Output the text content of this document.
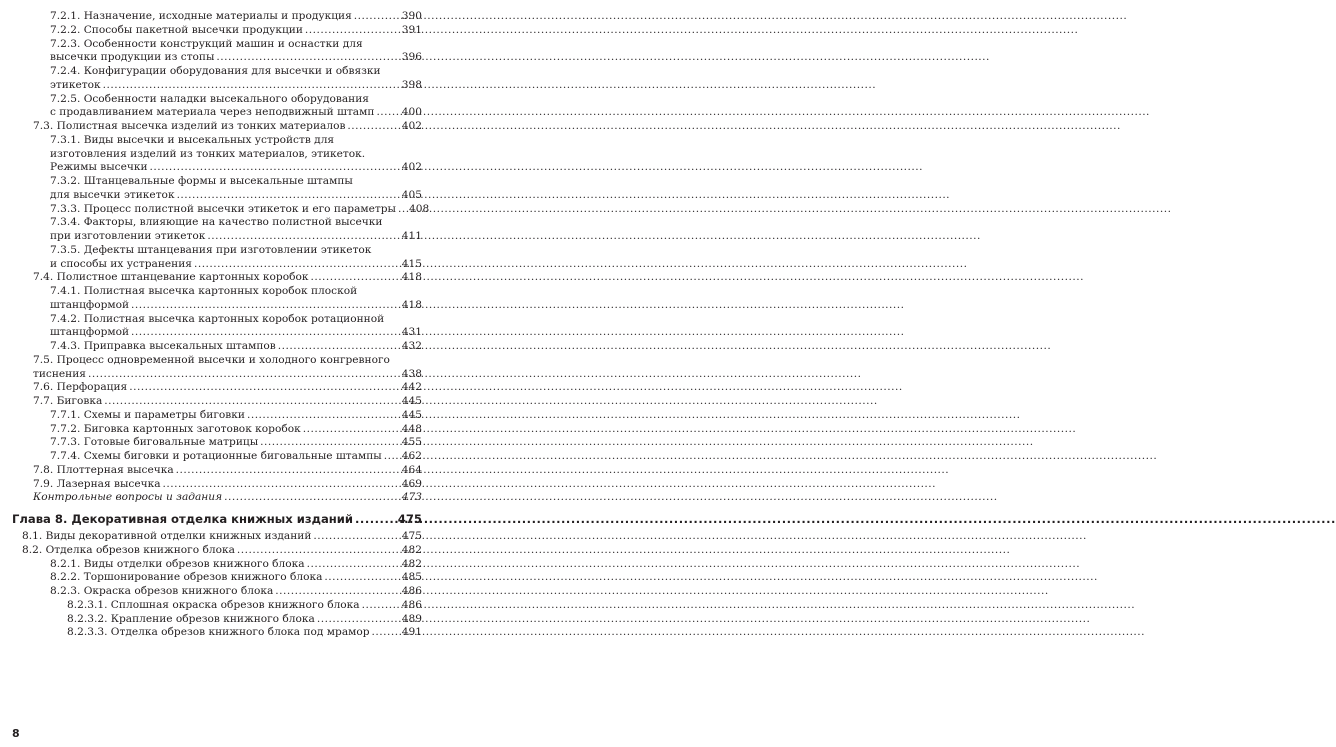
7.2.1. Назначение, исходные материалы и продукция .....	390
7.2.2. Способы пакетной высечки продукции .....	391
7.2.3. Особенности конструкций машин и оснастки для
высечки продукции из стопы .....	396
7.2.4. Конфигурации оборудования для высечки и обвязки
этикеток .....	398
7.2.5. Особенности наладки высекального оборудования
с продавливанием материала через неподвижный штамп .....	400
7.3. Полистная высечка изделий из тонких материалов .....	402
7.3.1. Виды высечки и высекальных устройств для
изготовления изделий из тонких материалов, этикеток.
Режимы высечки .....	402
7.3.2. Штанцевальные формы и высекальные штампы
для высечки этикеток .....	405
7.3.3. Процесс полистной высечки этикеток и его параметры ..... 408
7.3.4. Факторы, влияющие на качество полистной высечки
при изготовлении этикеток .....	411
7.3.5. Дефекты штанцевания при изготовлении этикеток
и способы их устранения .....	415
7.4. Полистное штанцевание картонных коробок .....	418
7.4.1. Полистная высечка картонных коробок плоской
штанцформой .....	418
7.4.2. Полистная высечка картонных коробок ротационной
штанцформой .....	431
7.4.3. Приправка высекальных штампов .....	432
7.5. Процесс одновременной высечки и холодного конгревного
тиснения .....	438
7.6. Перфорация .....	442
7.7. Биговка .....	445
7.7.1. Схемы и параметры биговки .....	445
7.7.2. Биговка картонных заготовок коробок .....	448
7.7.3. Готовые биговальные матрицы .....	455
7.7.4. Схемы биговки и ротационные биговальные штампы ..... 462
7.8. Плоттерная высечка .....	464
7.9. Лазерная высечка .....	469
Контрольные вопросы и задания .....	473
Глава 8. Декоративная отделка книжных изданий .....	475
8.1. Виды декоративной отделки книжных изданий .....	475
8.2. Отделка обрезов книжного блока .....	482
8.2.1. Виды отделки обрезов книжного блока .....	482
8.2.2. Торшонирование обрезов книжного блока .....	485
8.2.3. Окраска обрезов книжного блока .....	486
8.2.3.1. Сплошная окраска обрезов книжного блока .....	486
8.2.3.2. Крапление обрезов книжного блока .....	489
8.2.3.3. Отделка обрезов книжного блока под мрамор .....	491
8
